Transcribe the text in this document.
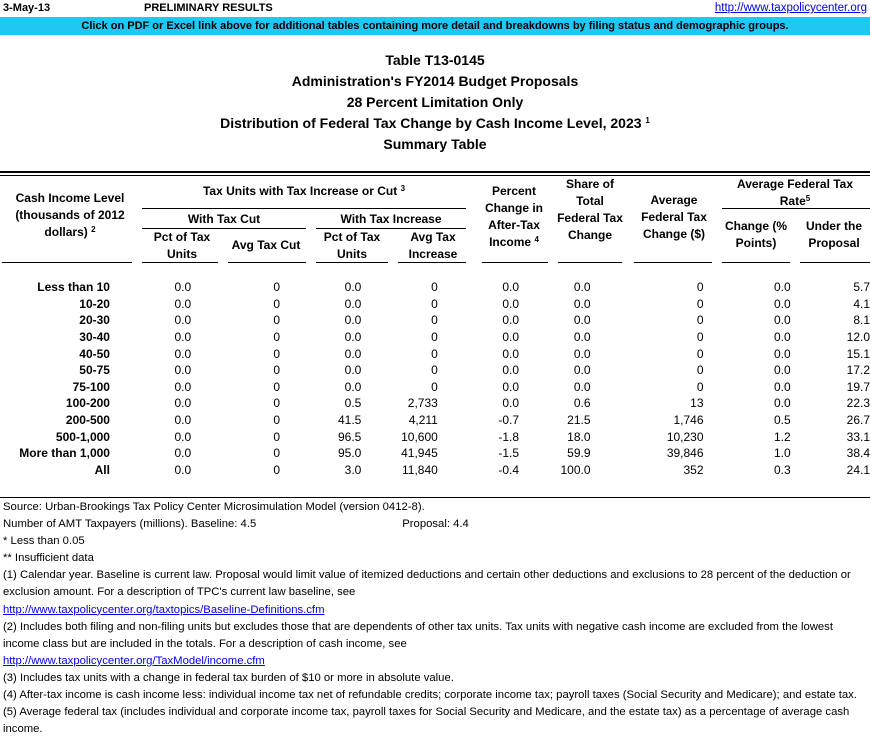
3-May-13	PRELIMINARY RESULTS	http://www.taxpolicycenter.org
Click on PDF or Excel link above for additional tables containing more detail and breakdowns by filing status and demographic groups.
Table T13-0145
Administration's FY2014 Budget Proposals
28 Percent Limitation Only
Distribution of Federal Tax Change by Cash Income Level, 2023 $^1$
Summary Table
Cash Income Level (thousands of 2012 dollars) $^2$
Tax Units with Tax Increase or Cut $^3$
With Tax Cut	With Tax Increase
Pct of Tax Units
Avg Tax Cut
Pct of Tax Units
Avg Tax Increase
Percent Change in After-Tax Income $^4$
Share of Total Federal Tax Change
Average Federal Tax Change ($)
Average Federal Tax Rate$^5$
Change (% Points)
Under the Proposal
Less than 10	0.0	0	0.0	0	0.0	0.0	0	0.0	5.7
10-20	0.0	0	0.0	0	0.0	0.0	0	0.0	4.1
20-30	0.0	0	0.0	0	0.0	0.0	0	0.0	8.1
30-40	0.0	0	0.0	0	0.0	0.0	0	0.0	12.0
40-50	0.0	0	0.0	0	0.0	0.0	0	0.0	15.1
50-75	0.0	0	0.0	0	0.0	0.0	0	0.0	17.2
75-100	0.0	0	0.0	0	0.0	0.0	0	0.0	19.7
100-200	0.0	0	0.5	2,733	0.0	0.6	13	0.0	22.3
200-500	0.0	0	41.5	4,211	-0.7	21.5	1,746	0.5	26.7
500-1,000	0.0	0	96.5	10,600	-1.8	18.0	10,230	1.2	33.1
More than 1,000	0.0	0	95.0	41,945	-1.5	59.9	39,846	1.0	38.4
All	0.0	0	3.0	11,840	-0.4	100.0	352	0.3	24.1
Source: Urban-Brookings Tax Policy Center Microsimulation Model (version 0412-8).
Number of AMT Taxpayers (millions). Baseline: 4.5	Proposal: 4.4
* Less than 0.05
** Insufficient data
(1) Calendar year. Baseline is current law. Proposal would limit value of itemized deductions and certain other deductions and exclusions to 28 percent of the deduction or exclusion amount. For a description of TPC's current law baseline, see
http://www.taxpolicycenter.org/taxtopics/Baseline-Definitions.cfm
(2) Includes both filing and non-filing units but excludes those that are dependents of other tax units. Tax units with negative cash income are excluded from the lowest income class but are included in the totals. For a description of cash income, see
http://www.taxpolicycenter.org/TaxModel/income.cfm
(3) Includes tax units with a change in federal tax burden of $10 or more in absolute value.
(4) After-tax income is cash income less: individual income tax net of refundable credits; corporate income tax; payroll taxes (Social Security and Medicare); and estate tax.
(5) Average federal tax (includes individual and corporate income tax, payroll taxes for Social Security and Medicare, and the estate tax) as a percentage of average cash income.
